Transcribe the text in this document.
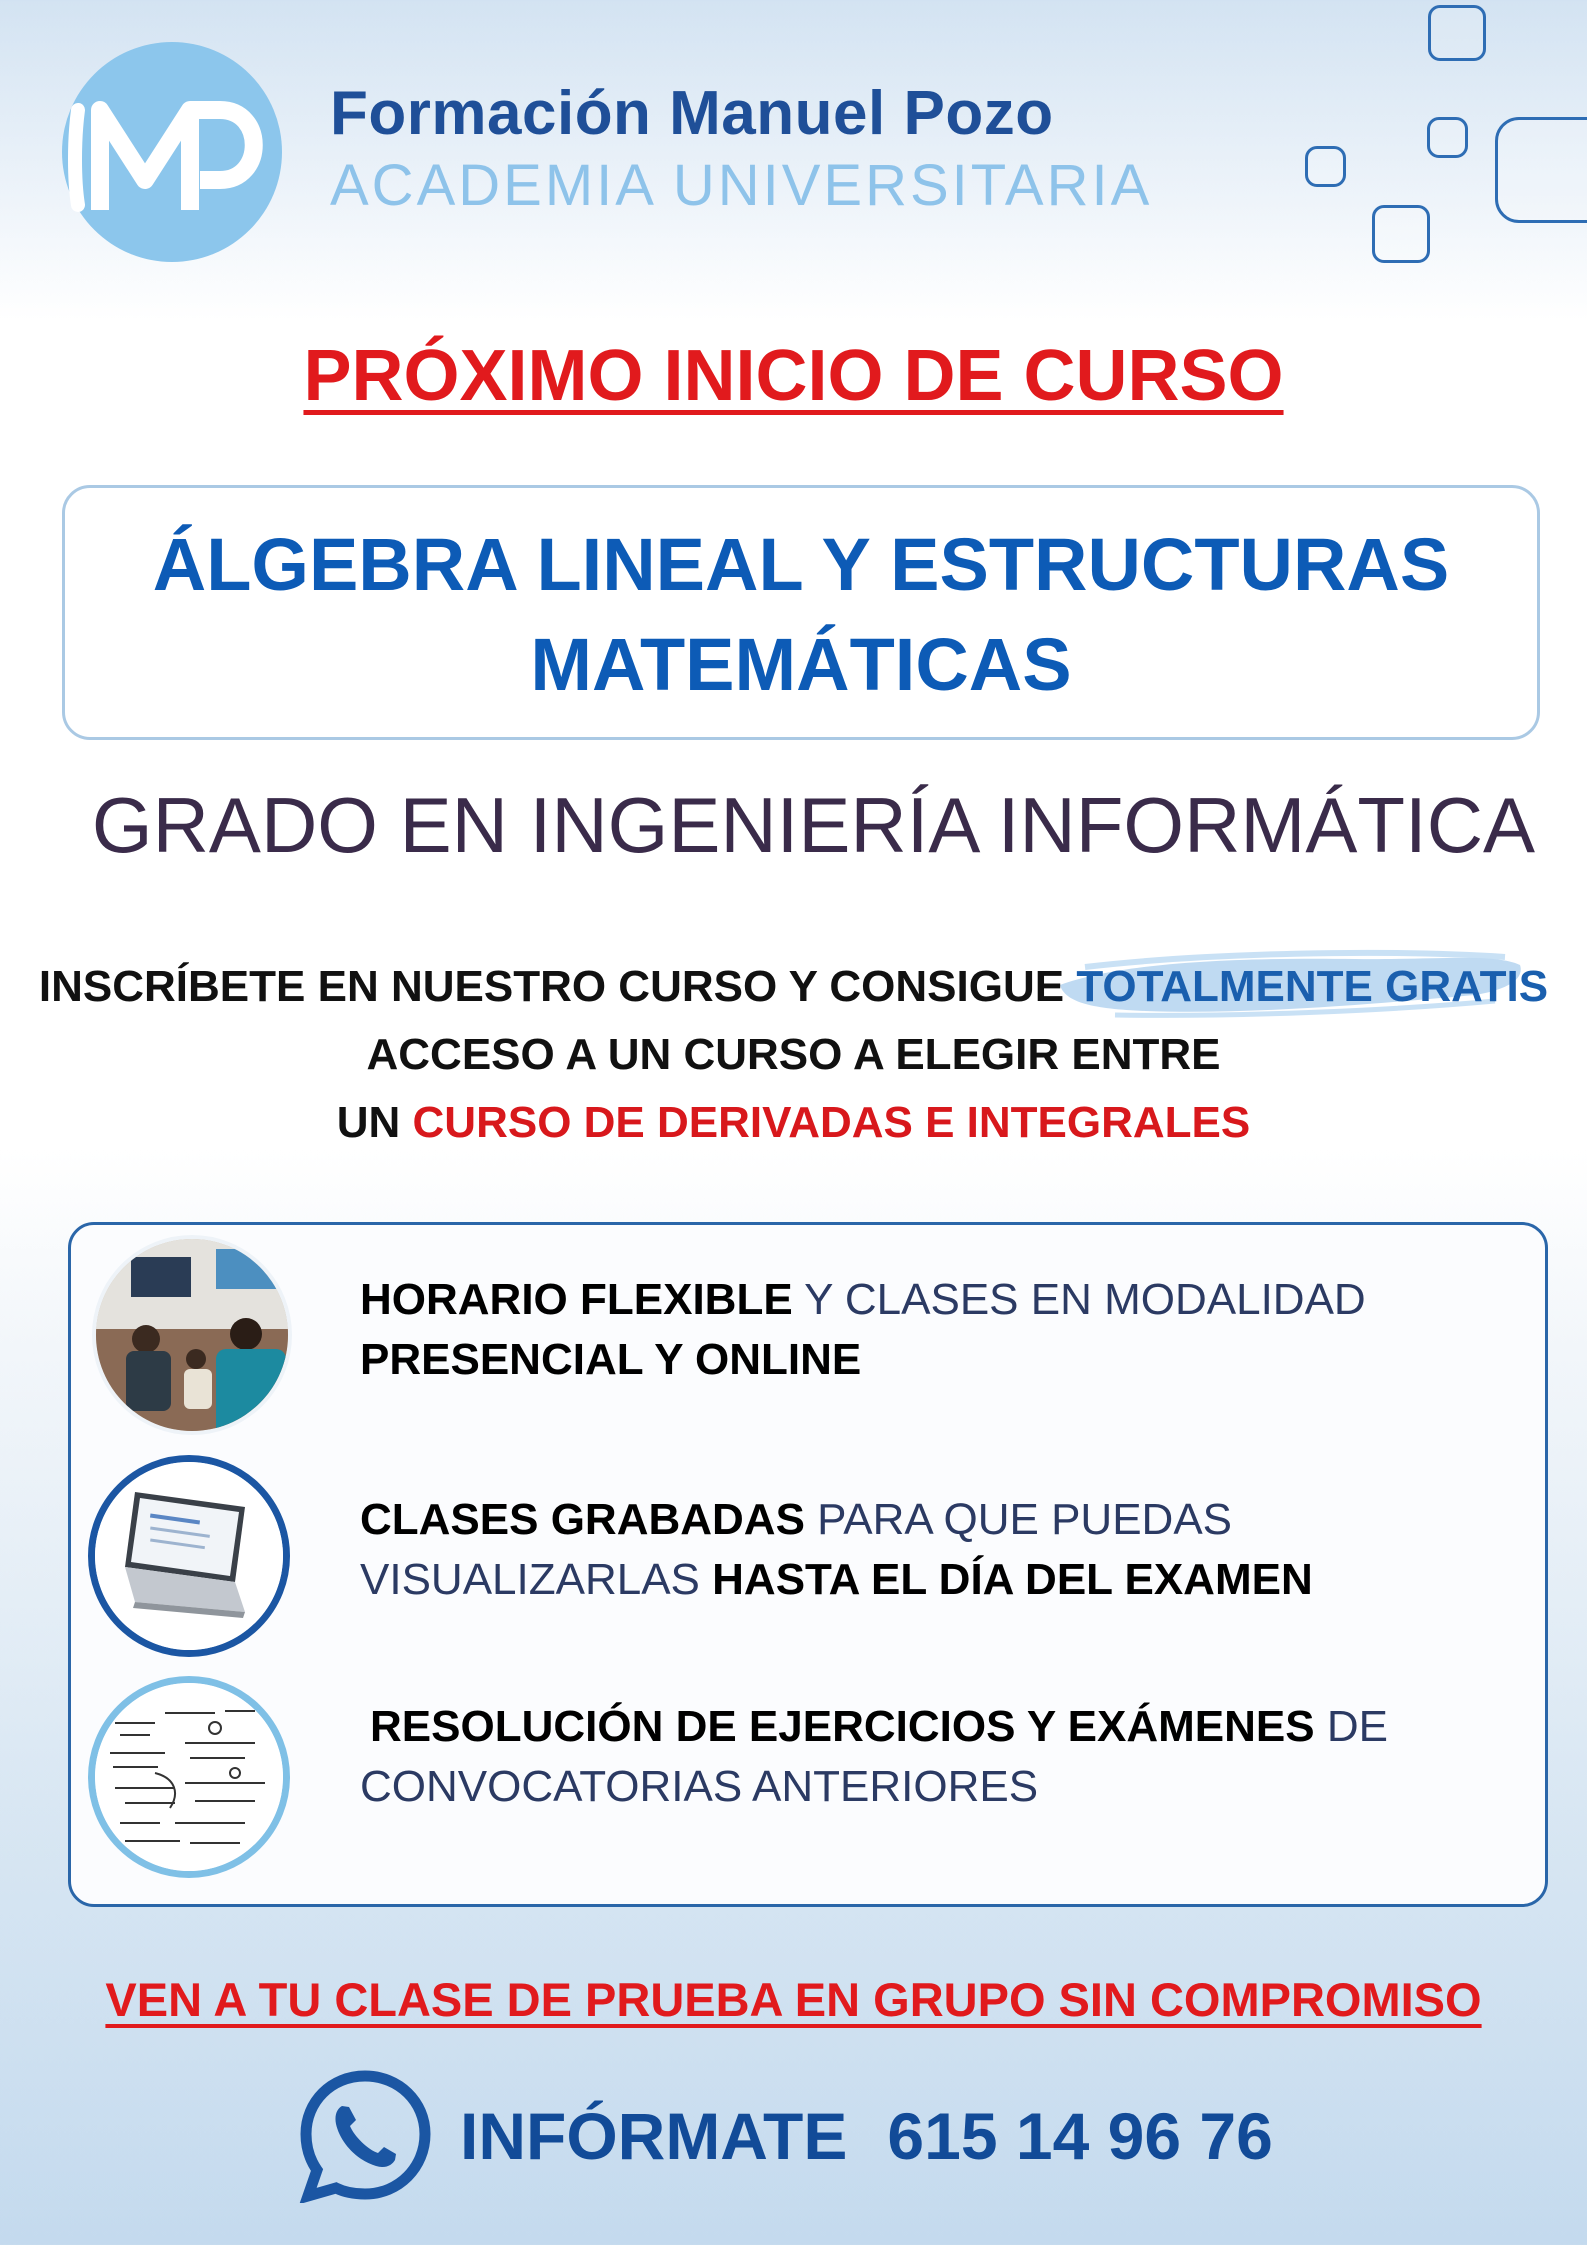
MP
Formación Manuel Pozo
ACADEMIA UNIVERSITARIA
PRÓXIMO INICIO DE CURSO
ÁLGEBRA LINEAL Y ESTRUCTURAS
MATEMÁTICAS
GRADO EN INGENIERÍA INFORMÁTICA
INSCRÍBETE EN NUESTRO CURSO Y CONSIGUE TOTALMENTE GRATIS
ACCESO A UN CURSO A ELEGIR ENTRE
UN CURSO DE DERIVADAS E INTEGRALES
HORARIO FLEXIBLE Y CLASES EN MODALIDAD
PRESENCIAL Y ONLINE
CLASES GRABADAS PARA QUE PUEDAS
VISUALIZARLAS HASTA EL DÍA DEL EXAMEN
RESOLUCIÓN DE EJERCICIOS Y EXÁMENES DE
CONVOCATORIAS ANTERIORES
VEN A TU CLASE DE PRUEBA EN GRUPO SIN COMPROMISO
INFÓRMATE 615 14 96 76
